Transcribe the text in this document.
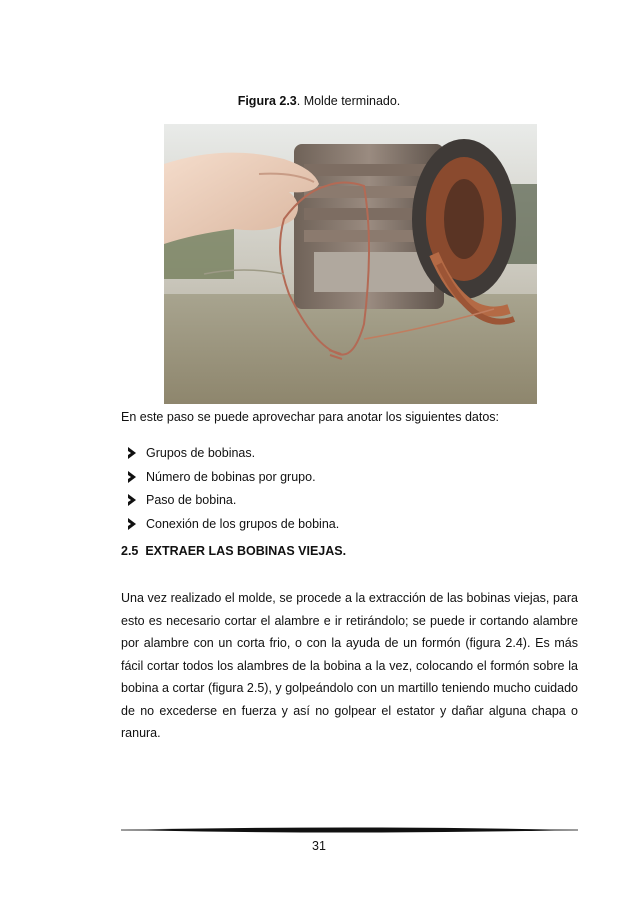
Figura 2.3. Molde terminado.
En este paso se puede aprovechar para anotar los siguientes datos:
Grupos de bobinas.
Número de bobinas por grupo.
Paso de bobina.
Conexión de los grupos de bobina.
2.5 EXTRAER LAS BOBINAS VIEJAS.

Una vez realizado el molde, se procede a la extracción de las bobinas viejas, para esto es necesario cortar el alambre e ir retirándolo; se puede ir cortando alambre por alambre con un corta frio, o con la ayuda de un formón (figura 2.4). Es más fácil cortar todos los alambres de la bobina a la vez, colocando el formón sobre la bobina a cortar (figura 2.5), y golpeándolo con un martillo teniendo mucho cuidado de no excederse en fuerza y así no golpear el estator y dañar alguna chapa o ranura.

31
